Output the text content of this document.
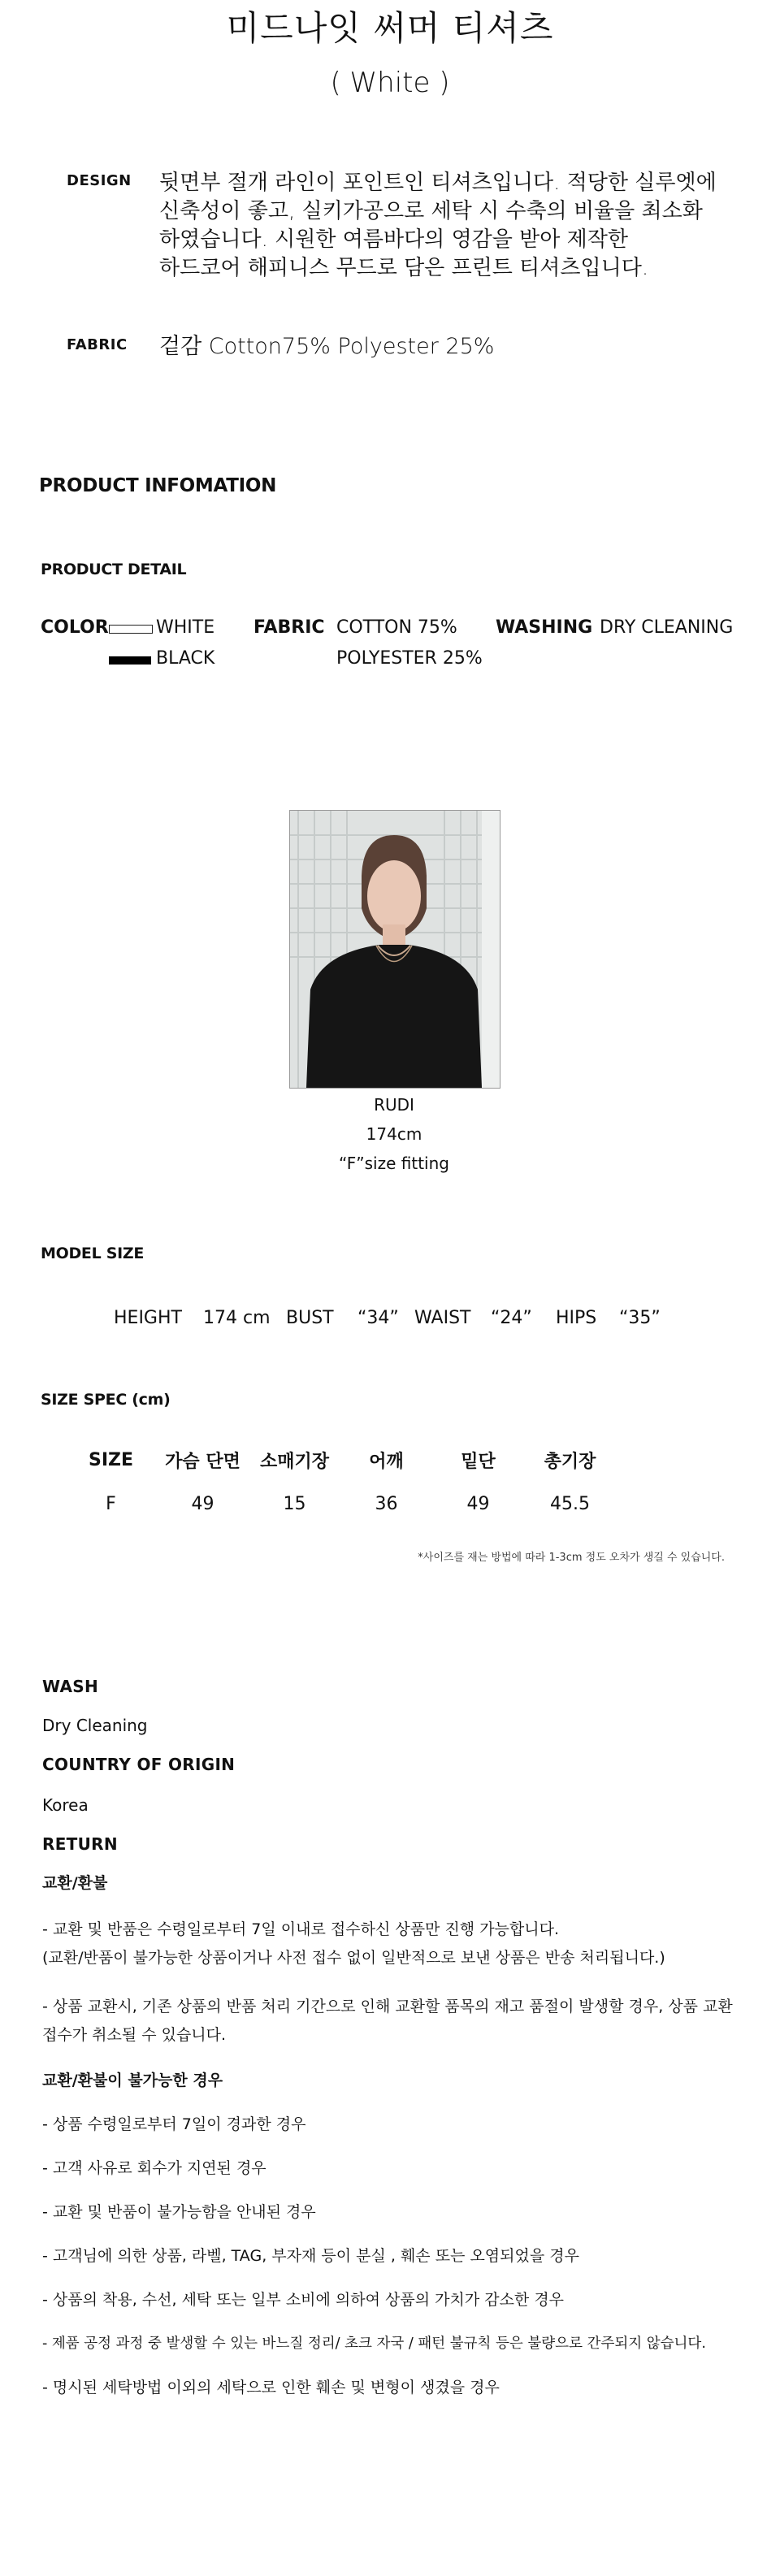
미드나잇 써머 티셔츠
( White )
DESIGN 뒷면부 절개 라인이 포인트인 티셔츠입니다. 적당한 실루엣에
신축성이 좋고, 실키가공으로 세탁 시 수축의 비율을 최소화
하였습니다. 시원한 여름바다의 영감을 받아 제작한
하드코어 해피니스 무드로 담은 프린트 티셔츠입니다.
FABRIC 겉감 Cotton75% Polyester 25%
PRODUCT INFOMATION
PRODUCT DETAIL
COLOR	WHITE
BLACK
FABRIC COTTON 75%
POLYESTER 25%
WASHING DRY CLEANING
RUDI
174cm
“F”size fitting
MODEL SIZE
HEIGHT 174 cm BUST “34” WAIST “24” HIPS “35”
SIZE SPEC (cm)
SIZE	가슴 단면	소매기장	어깨	밑단	총기장
F	49	15	36	49	45.5
*사이즈를 재는 방법에 따라 1-3cm 정도 오차가 생길 수 있습니다.
WASH
Dry Cleaning
COUNTRY OF ORIGIN
Korea
RETURN
교환/환불
- 교환 및 반품은 수령일로부터 7일 이내로 접수하신 상품만 진행 가능합니다.
(교환/반품이 불가능한 상품이거나 사전 접수 없이 일반적으로 보낸 상품은 반송 처리됩니다.)
- 상품 교환시, 기존 상품의 반품 처리 기간으로 인해 교환할 품목의 재고 품절이 발생할 경우, 상품 교환
접수가 취소될 수 있습니다.
교환/환불이 불가능한 경우
- 상품 수령일로부터 7일이 경과한 경우
- 고객 사유로 회수가 지연된 경우
- 교환 및 반품이 불가능함을 안내된 경우
- 고객님에 의한 상품, 라벨, TAG, 부자재 등이 분실 , 훼손 또는 오염되었을 경우
- 상품의 착용, 수선, 세탁 또는 일부 소비에 의하여 상품의 가치가 감소한 경우
- 제품 공정 과정 중 발생할 수 있는 바느질 정리/ 초크 자국 / 패턴 불규칙 등은 불량으로 간주되지 않습니다.
- 명시된 세탁방법 이외의 세탁으로 인한 훼손 및 변형이 생겼을 경우
